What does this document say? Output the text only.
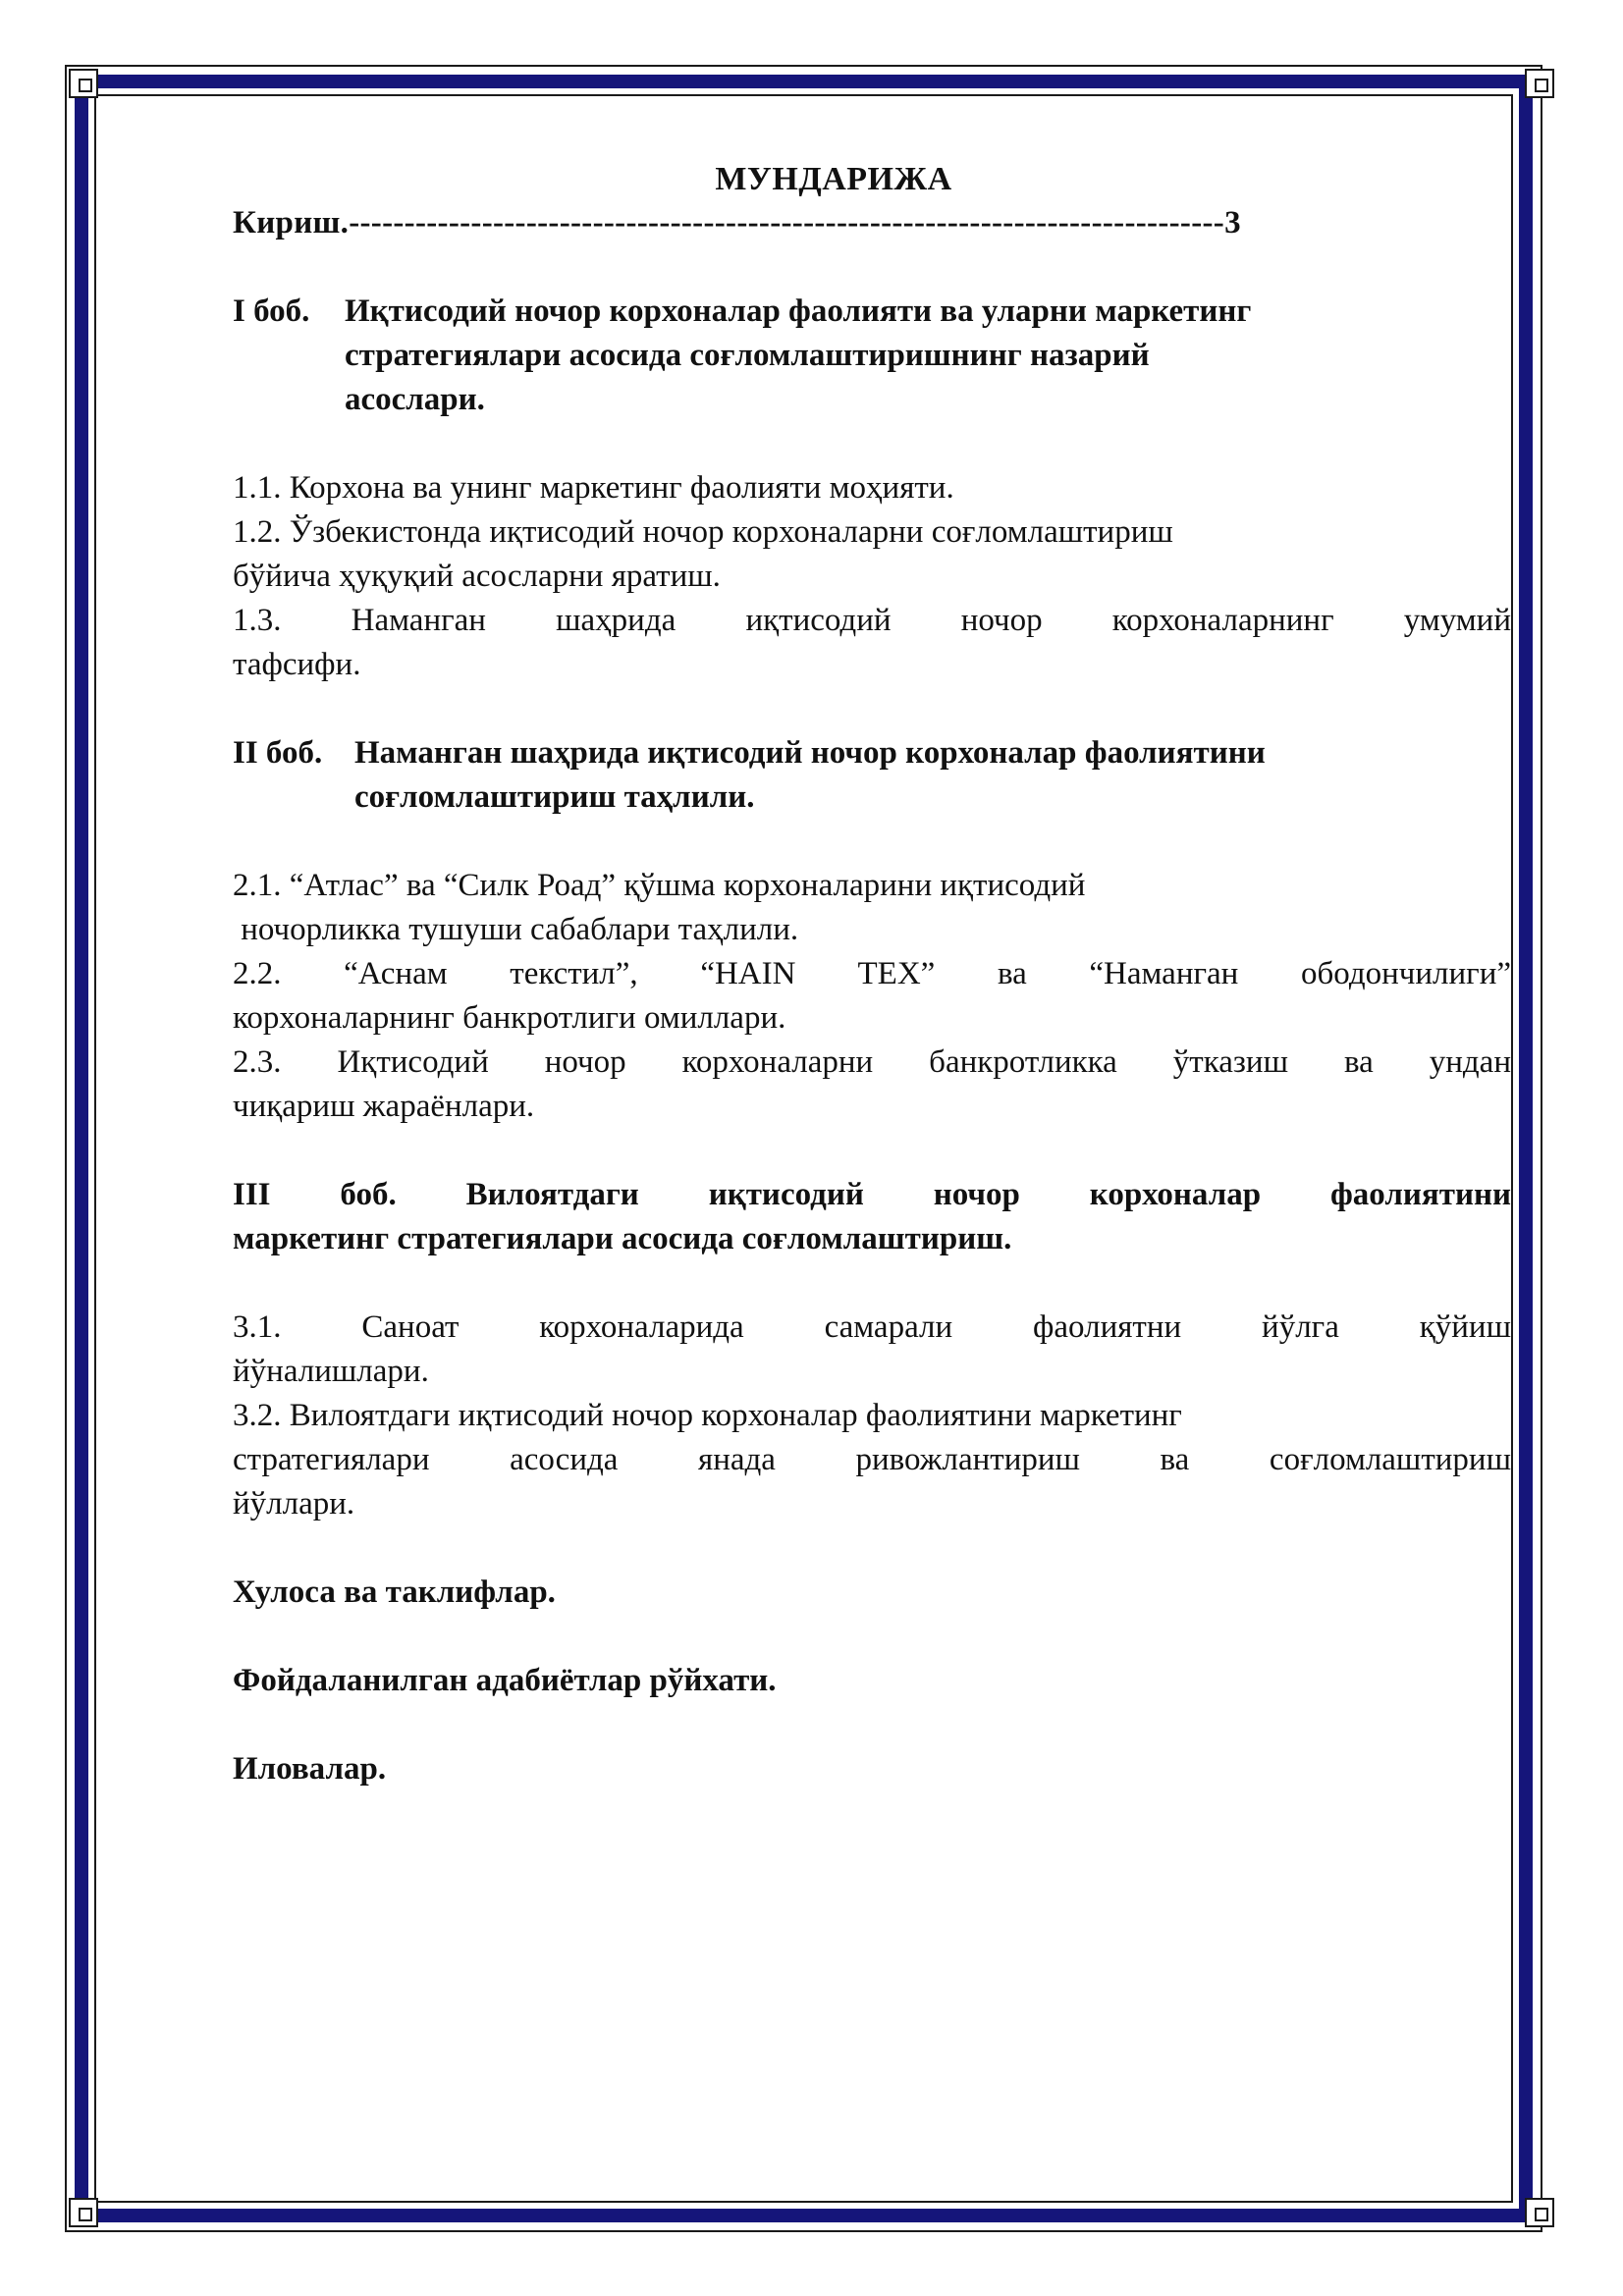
МУНДАРИЖА
Кириш.-------------------------------------------------------------------------------3
I боб.	Иқтисодий ночор корхоналар фаолияти ва уларни маркетинг
стратегиялари асосида соғломлаштиришнинг назарий
асослари.
1.1. Корхона ва унинг маркетинг фаолияти моҳияти.
1.2. Ўзбекистонда иқтисодий ночор корхоналарни соғломлаштириш
бўйича ҳуқуқий асосларни яратиш.
1.3. Наманган шаҳрида иқтисодий ночор корхоналарнинг умумий
тафсифи.
II боб. Наманган шаҳрида иқтисодий ночор корхоналар фаолиятини
соғломлаштириш таҳлили.
2.1. “Атлас” ва “Силк Роад” қўшма корхоналарини иқтисодий
ночорликка тушуши сабаблари таҳлили.
2.2. “Аснам текстил”, “HAIN TEX” ва “Наманган ободончилиги”
корхоналарнинг банкротлиги омиллари.
2.3. Иқтисодий ночор корхоналарни банкротликка ўтказиш ва ундан
чиқариш жараёнлари.
III боб. Вилоятдаги иқтисодий ночор корхоналар фаолиятини
маркетинг стратегиялари асосида соғломлаштириш.
3.1. Саноат корхоналарида самарали фаолиятни йўлга қўйиш
йўналишлари.
3.2. Вилоятдаги иқтисодий ночор корхоналар фаолиятини маркетинг
стратегиялари асосида янада ривожлантириш ва соғломлаштириш
йўллари.
Хулоса ва таклифлар.
Фойдаланилган адабиётлар рўйхати.
Иловалар.
